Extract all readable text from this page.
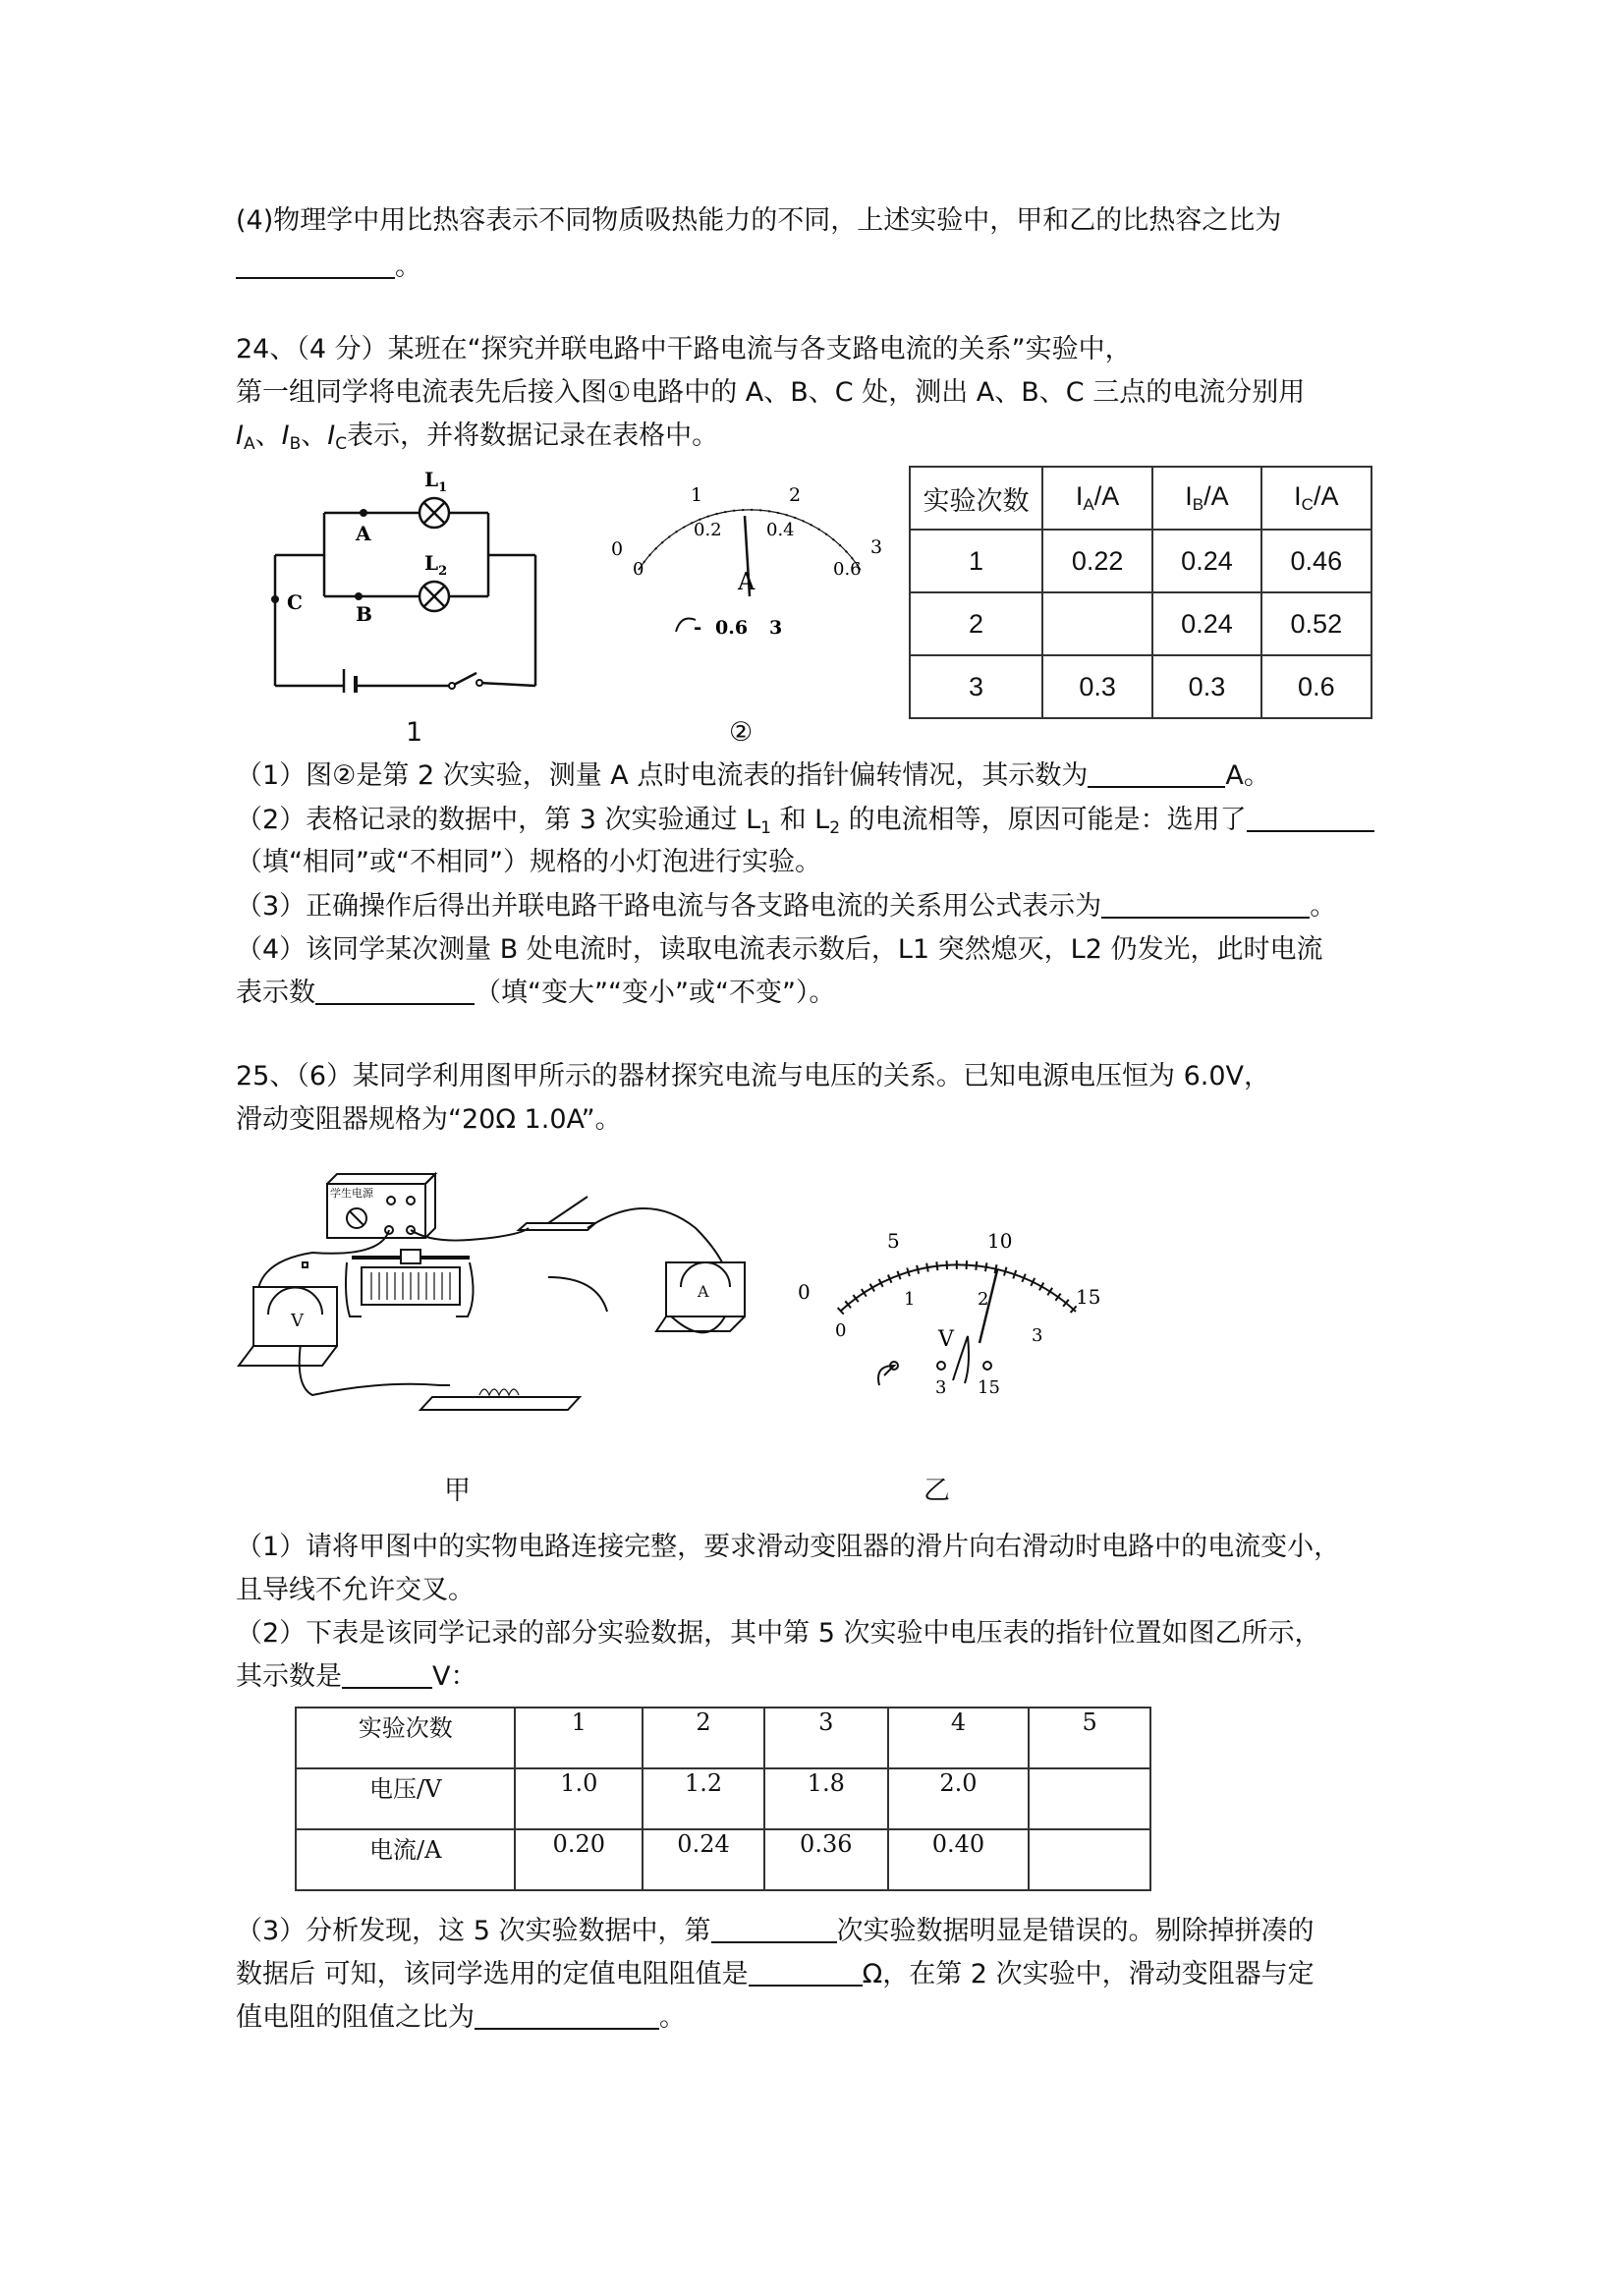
(4)物理学中用比热容表示不同物质吸热能力的不同，上述实验中，甲和乙的比热容之比为
。
24、（4 分）某班在“探究并联电路中干路电流与各支路电流的关系”实验中，
第一组同学将电流表先后接入图①电路中的 A、B、C 处，测出 A、B、C 三点的电流分别用
$I_A$、$I_B$、$I_C$表示，并将数据记录在表格中。
A
B
C
$L_1$
$L_2$
1
0
1	2
3
0
0.2	0.4
0.6
A
- 0.6 3
②
实验次数	$I_A/A$	$I_B/A$	$I_C/A$
1	0.22	0.24	0.46
2		0.24	0.52
3	0.3	0.3	0.6
（1）图②是第 2 次实验，测量 A 点时电流表的指针偏转情况，其示数为	A。
（2）表格记录的数据中，第 3 次实验通过 $L_1$ 和 $L_2$ 的电流相等，原因可能是：选用了
（填“相同”或“不相同”）规格的小灯泡进行实验。
（3）正确操作后得出并联电路干路电流与各支路电流的关系用公式表示为	。
（4）该同学某次测量 B 处电流时，读取电流表示数后，L1 突然熄灭，L2 仍发光，此时电流
表示数	（填“变大”“变小”或“不变”）。
25、（6）某同学利用图甲所示的器材探究电流与电压的关系。已知电源电压恒为 6.0V，
滑动变阻器规格为“20Ω 1.0A”。
学生电源
V
A
甲
0
5	10
15
0
1	2
3
V
3 15
乙
（1）请将甲图中的实物电路连接完整，要求滑动变阻器的滑片向右滑动时电路中的电流变小，
且导线不允许交叉。
（2）下表是该同学记录的部分实验数据，其中第 5 次实验中电压表的指针位置如图乙所示，
其示数是	V：
实验次数	1	2	3	4	5
电压/V	1.0	1.2	1.8	2.0	
电流/A	0.20	0.24	0.36	0.40	
（3）分析发现，这 5 次实验数据中，第	次实验数据明显是错误的。剔除掉拼凑的
数据后 可知，该同学选用的定值电阻阻值是	Ω，在第 2 次实验中，滑动变阻器与定
值电阻的阻值之比为	。
